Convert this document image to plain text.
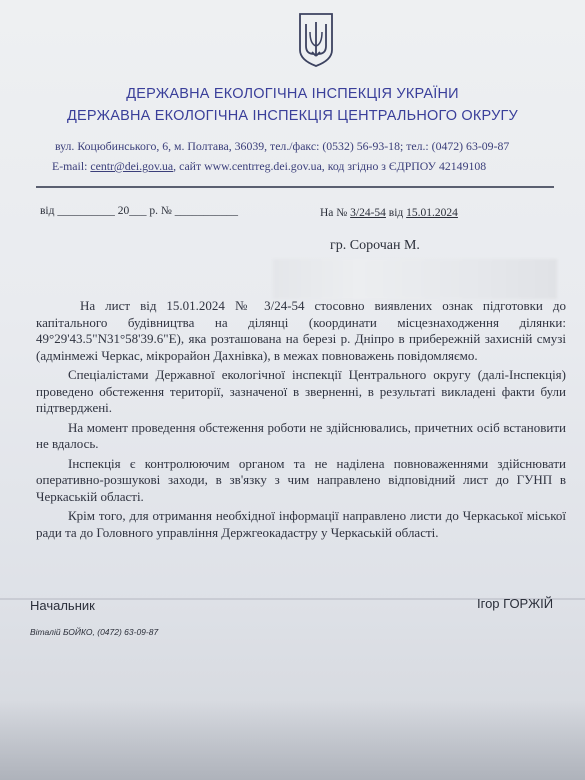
ДЕРЖАВНА ЕКОЛОГІЧНА ІНСПЕКЦІЯ УКРАЇНИ
ДЕРЖАВНА ЕКОЛОГІЧНА ІНСПЕКЦІЯ ЦЕНТРАЛЬНОГО ОКРУГУ
вул. Коцюбинського, 6, м. Полтава, 36039, тел./факс: (0532) 56-93-18; тел.: (0472) 63-09-87
E-mail: centr@dei.gov.ua, сайт www.centrreg.dei.gov.ua, код згідно з ЄДРПОУ 42149108
від __________ 20___ р. № ___________	На № 3/24-54 від 15.01.2024
гр. Сорочан М.

На лист від 15.01.2024 № 3/24-54 стосовно виявлених ознак підготовки до капітального будівництва на ділянці (координати місцезнаходження ділянки: 49°29'43.5"N31°58'39.6"E), яка розташована на березі р. Дніпро в прибережній захисній смузі (адмінмежі Черкас, мікрорайон Дахнівка), в межах повноважень повідомляємо.

Спеціалістами Державної екологічної інспекції Центрального округу (далі-Інспекція) проведено обстеження території, зазначеної в зверненні, в результаті викладені факти були підтверджені.

На момент проведення обстеження роботи не здійснювались, причетних осіб встановити не вдалось.

Інспекція є контролюючим органом та не наділена повноваженнями здійснювати оперативно-розшукові заходи, в зв'язку з чим направлено відповідний лист до ГУНП в Черкаській області.

Крім того, для отримання необхідної інформації направлено листи до Черкаської міської ради та до Головного управління Держгеокадастру у Черкаській області.

Начальник	Ігор ГОРЖІЙ
Віталій БОЙКО, (0472) 63-09-87
